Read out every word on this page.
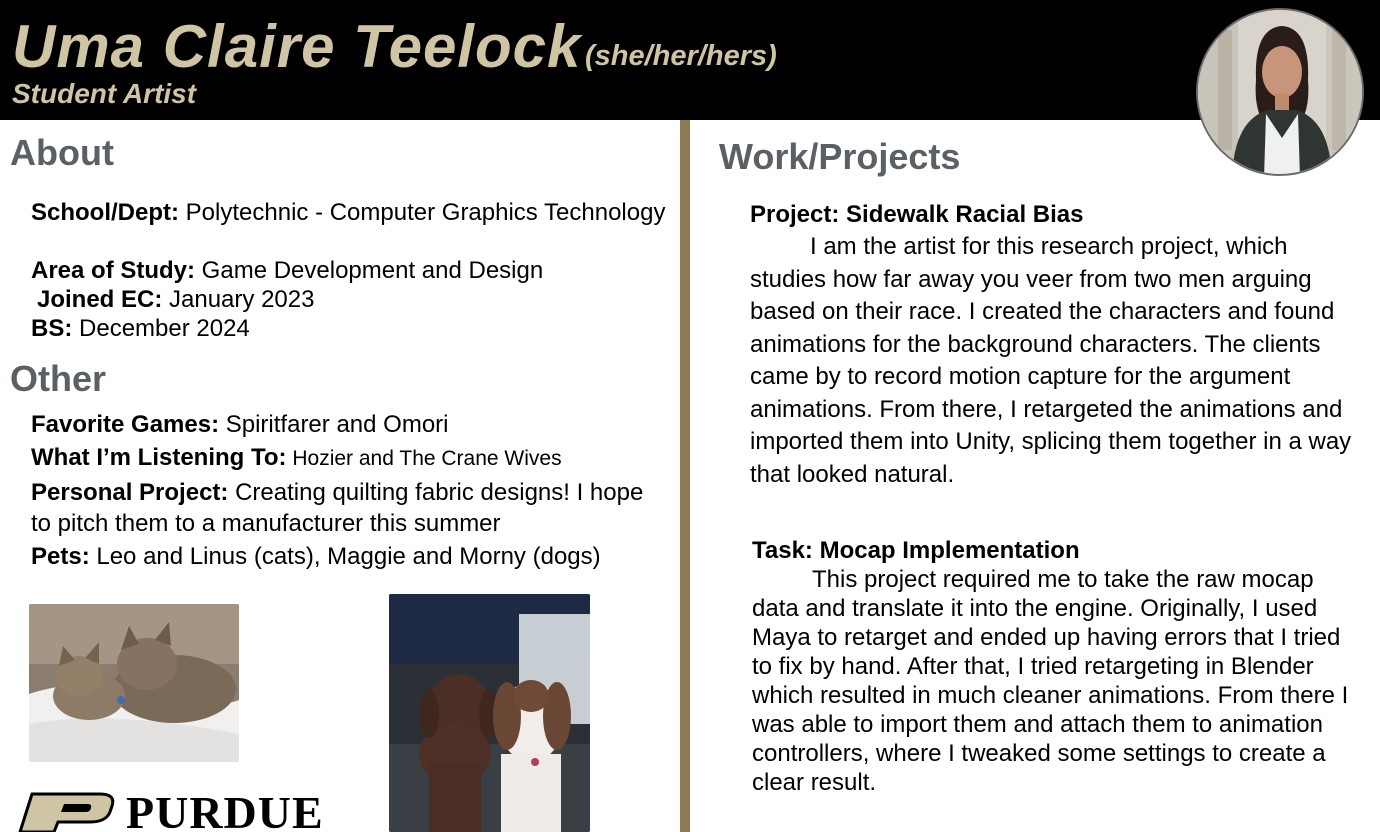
Uma Claire Teelock (she/her/hers)
Student Artist
About
School/Dept: Polytechnic - Computer Graphics Technology
Area of Study: Game Development and Design
Joined EC: January 2023
BS: December 2024
Other
Favorite Games: Spiritfarer and Omori
What I’m Listening To: Hozier and The Crane Wives
Personal Project: Creating quilting fabric designs! I hope to pitch them to a manufacturer this summer
Pets: Leo and Linus (cats), Maggie and Morny (dogs)
PURDUE
Work/Projects
Project: Sidewalk Racial Bias
I am the artist for this research project, which studies how far away you veer from two men arguing based on their race. I created the characters and found animations for the background characters. The clients came by to record motion capture for the argument animations. From there, I retargeted the animations and imported them into Unity, splicing them together in a way that looked natural.
Task: Mocap Implementation
This project required me to take the raw mocap data and translate it into the engine. Originally, I used Maya to retarget and ended up having errors that I tried to fix by hand. After that, I tried retargeting in Blender which resulted in much cleaner animations. From there I was able to import them and attach them to animation controllers, where I tweaked some settings to create a clear result.
